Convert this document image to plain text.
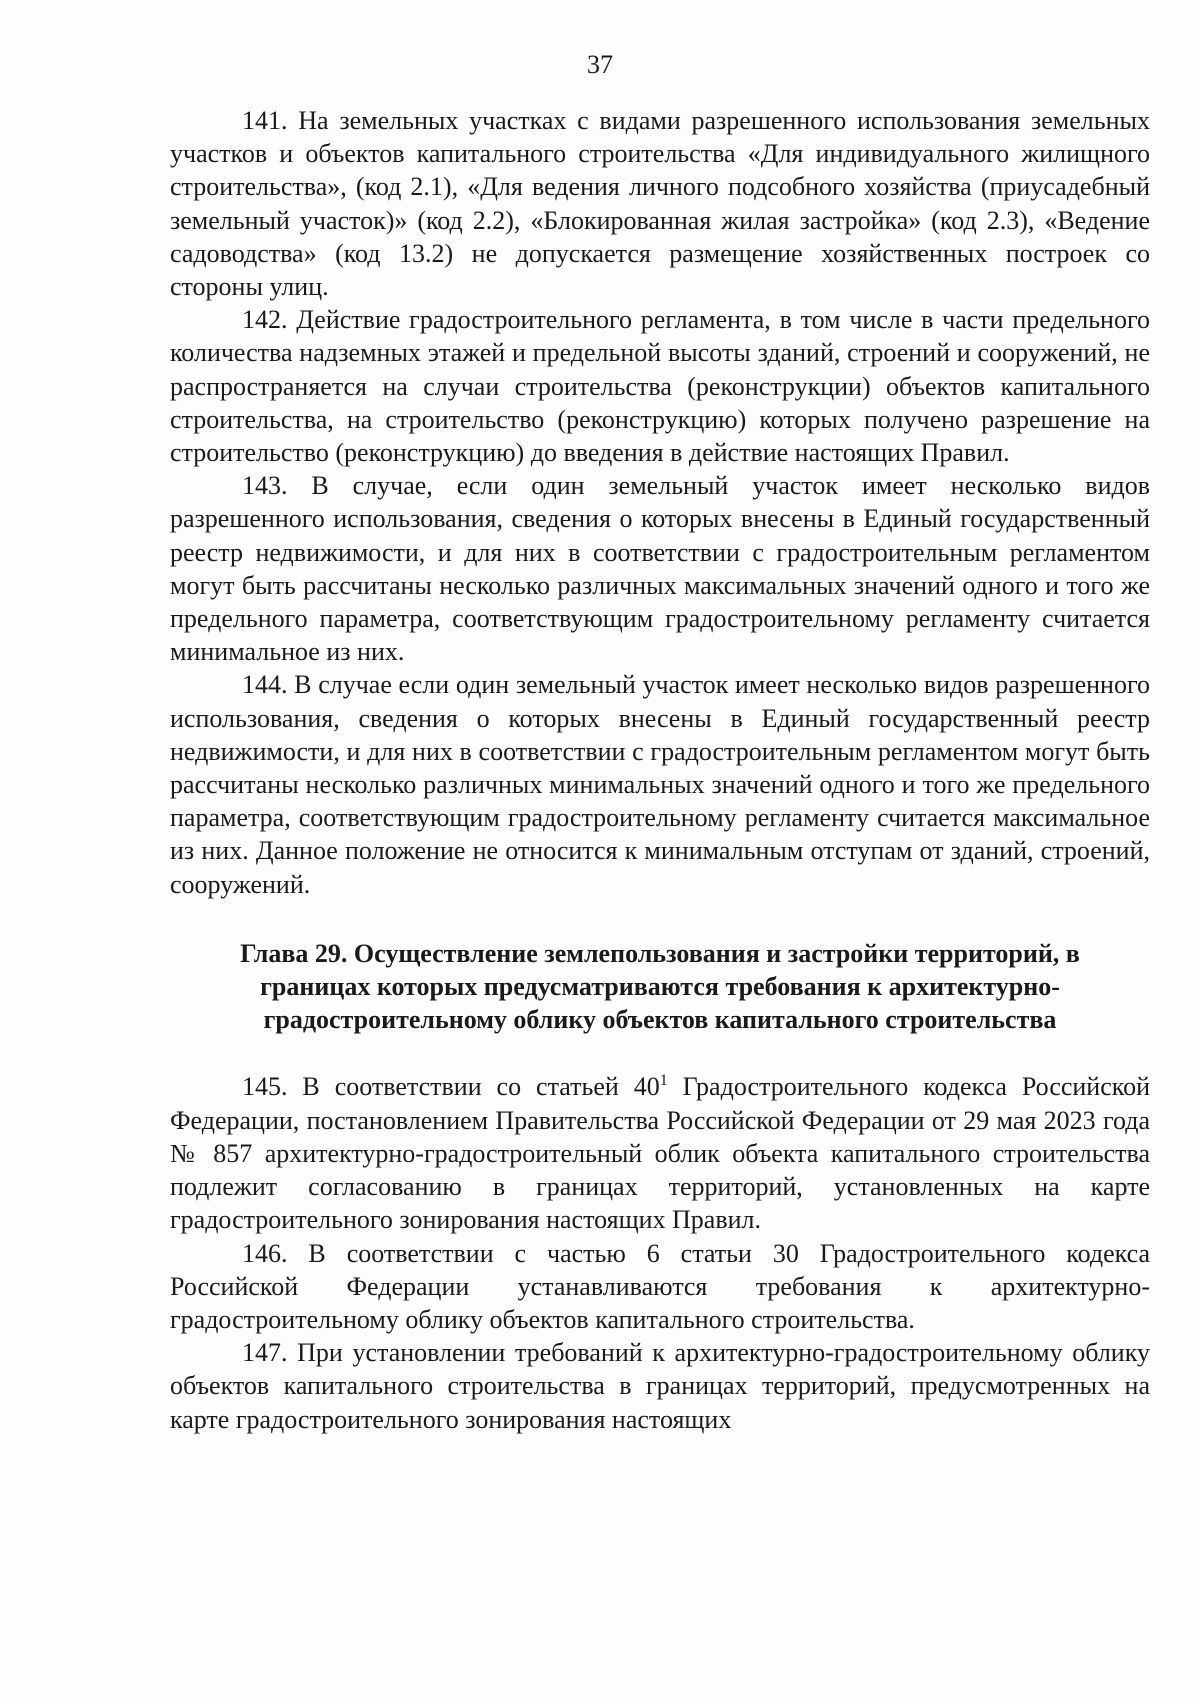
37

141. На земельных участках с видами разрешенного использования земельных участков и объектов капитального строительства «Для индивидуального жилищного строительства», (код 2.1), «Для ведения личного подсобного хозяйства (приусадебный земельный участок)» (код 2.2), «Блокированная жилая застройка» (код 2.3), «Ведение садоводства» (код 13.2) не допускается размещение хозяйственных построек со стороны улиц.

142. Действие градостроительного регламента, в том числе в части предельного количества надземных этажей и предельной высоты зданий, строений и сооружений, не распространяется на случаи строительства (реконструкции) объектов капитального строительства, на строительство (реконструкцию) которых получено разрешение на строительство (реконструкцию) до введения в действие настоящих Правил.

143. В случае, если один земельный участок имеет несколько видов разрешенного использования, сведения о которых внесены в Единый государственный реестр недвижимости, и для них в соответствии с градостроительным регламентом могут быть рассчитаны несколько различных максимальных значений одного и того же предельного параметра, соответствующим градостроительному регламенту считается минимальное из них.

144. В случае если один земельный участок имеет несколько видов разрешенного использования, сведения о которых внесены в Единый государственный реестр недвижимости, и для них в соответствии с градостроительным регламентом могут быть рассчитаны несколько различных минимальных значений одного и того же предельного параметра, соответствующим градостроительному регламенту считается максимальное из них. Данное положение не относится к минимальным отступам от зданий, строений, сооружений.

Глава 29. Осуществление землепользования и застройки территорий, в границах которых предусматриваются требования к архитектурно-градостроительному облику объектов капитального строительства

145. В соответствии со статьей $40^1$ Градостроительного кодекса Российской Федерации, постановлением Правительства Российской Федерации от 29 мая 2023 года № 857 архитектурно-градостроительный облик объекта капитального строительства подлежит согласованию в границах территорий, установленных на карте градостроительного зонирования настоящих Правил.

146. В соответствии с частью 6 статьи 30 Градостроительного кодекса Российской Федерации устанавливаются требования к архитектурно-градостроительному облику объектов капитального строительства.

147. При установлении требований к архитектурно-градостроительному облику объектов капитального строительства в границах территорий, предусмотренных на карте градостроительного зонирования настоящих
